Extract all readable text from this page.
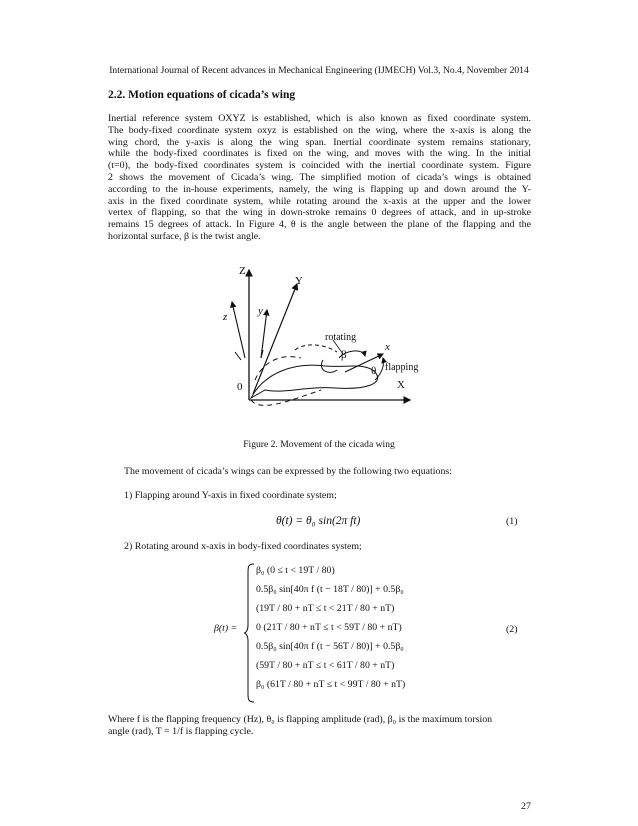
International Journal of Recent advances in Mechanical Engineering (IJMECH) Vol.3, No.4, November 2014
2.2. Motion equations of cicada’s wing
Inertial reference system OXYZ is established, which is also known as fixed coordinate system.
The body-fixed coordinate system oxyz is established on the wing, where the x-axis is along the
wing chord, the y-axis is along the wing span. Inertial coordinate system remains stationary,
while the body-fixed coordinates is fixed on the wing, and moves with the wing. In the initial
(t=0), the body-fixed coordinates system is coincided with the inertial coordinate system. Figure
2 shows the movement of Cicada’s wing. The simplified motion of cicada’s wings is obtained
according to the in-house experiments, namely, the wing is flapping up and down around the Y-
axis in the fixed coordinate system, while rotating around the x-axis at the upper and the lower
vertex of flapping, so that the wing in down-stroke remains 0 degrees of attack, and in up-stroke
remains 15 degrees of attack. In Figure 4, θ is the angle between the plane of the flapping and the
horizontal surface, β is the twist angle.
Z
Y
z	y
x
X
0
rotating
β
θ flapping
Figure 2. Movement of the cicada wing
The movement of cicada’s wings can be expressed by the following two equations:
1) Flapping around Y-axis in fixed coordinate system;
θ(t) = θ₀ sin(2π ft)	(1)
2) Rotating around x-axis in body-fixed coordinates system;
β(t) =
β₀ (0 ≤ t < 19T / 80)
0.5β₀ sin[40π f (t − 18T / 80)] + 0.5β₀
(19T / 80 + nT ≤ t < 21T / 80 + nT)
0 (21T / 80 + nT ≤ t < 59T / 80 + nT)
0.5β₀ sin[40π f (t − 56T / 80)] + 0.5β₀
(59T / 80 + nT ≤ t < 61T / 80 + nT)
β₀ (61T / 80 + nT ≤ t < 99T / 80 + nT)
(2)
Where f is the flapping frequency (Hz), θ₀ is flapping amplitude (rad), β₀ is the maximum torsion
angle (rad), T = 1/f is flapping cycle.
27
